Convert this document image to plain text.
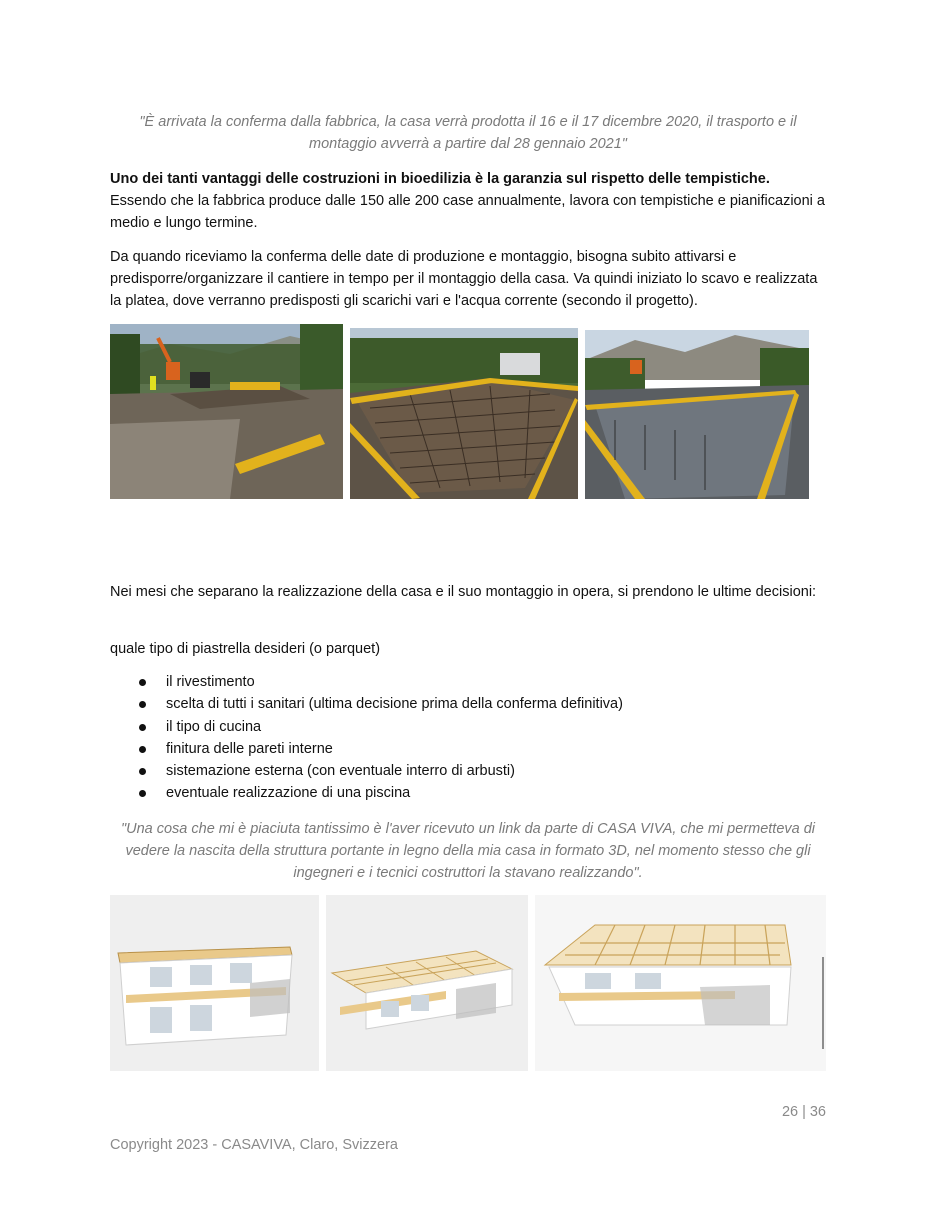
"È arrivata la conferma dalla fabbrica, la casa verrà prodotta il 16 e il 17 dicembre 2020, il trasporto e il montaggio avverrà a partire dal 28 gennaio 2021"
Uno dei tanti vantaggi delle costruzioni in bioedilizia è la garanzia sul rispetto delle tempistiche.
Essendo che la fabbrica produce dalle 150 alle 200 case annualmente, lavora con tempistiche e pianificazioni a medio e lungo termine.
Da quando riceviamo la conferma delle date di produzione e montaggio, bisogna subito attivarsi e predisporre/organizzare il cantiere in tempo per il montaggio della casa. Va quindi iniziato lo scavo e realizzata la platea, dove verranno predisposti gli scarichi vari e l'acqua corrente (secondo il progetto).
Nei mesi che separano la realizzazione della casa e il suo montaggio in opera, si prendono le ultime decisioni:
quale tipo di piastrella desideri (o parquet)
il rivestimento
scelta di tutti i sanitari (ultima decisione prima della conferma definitiva)
il tipo di cucina
finitura delle pareti interne
sistemazione esterna (con eventuale interro di arbusti)
eventuale realizzazione di una piscina
"Una cosa che mi è piaciuta tantissimo è l'aver ricevuto un link da parte di CASA VIVA, che mi permetteva di vedere la nascita della struttura portante in legno della mia casa in formato 3D, nel momento stesso che gli ingegneri e i tecnici costruttori la stavano realizzando".
26 | 36
Copyright 2023 - CASAVIVA, Claro, Svizzera
